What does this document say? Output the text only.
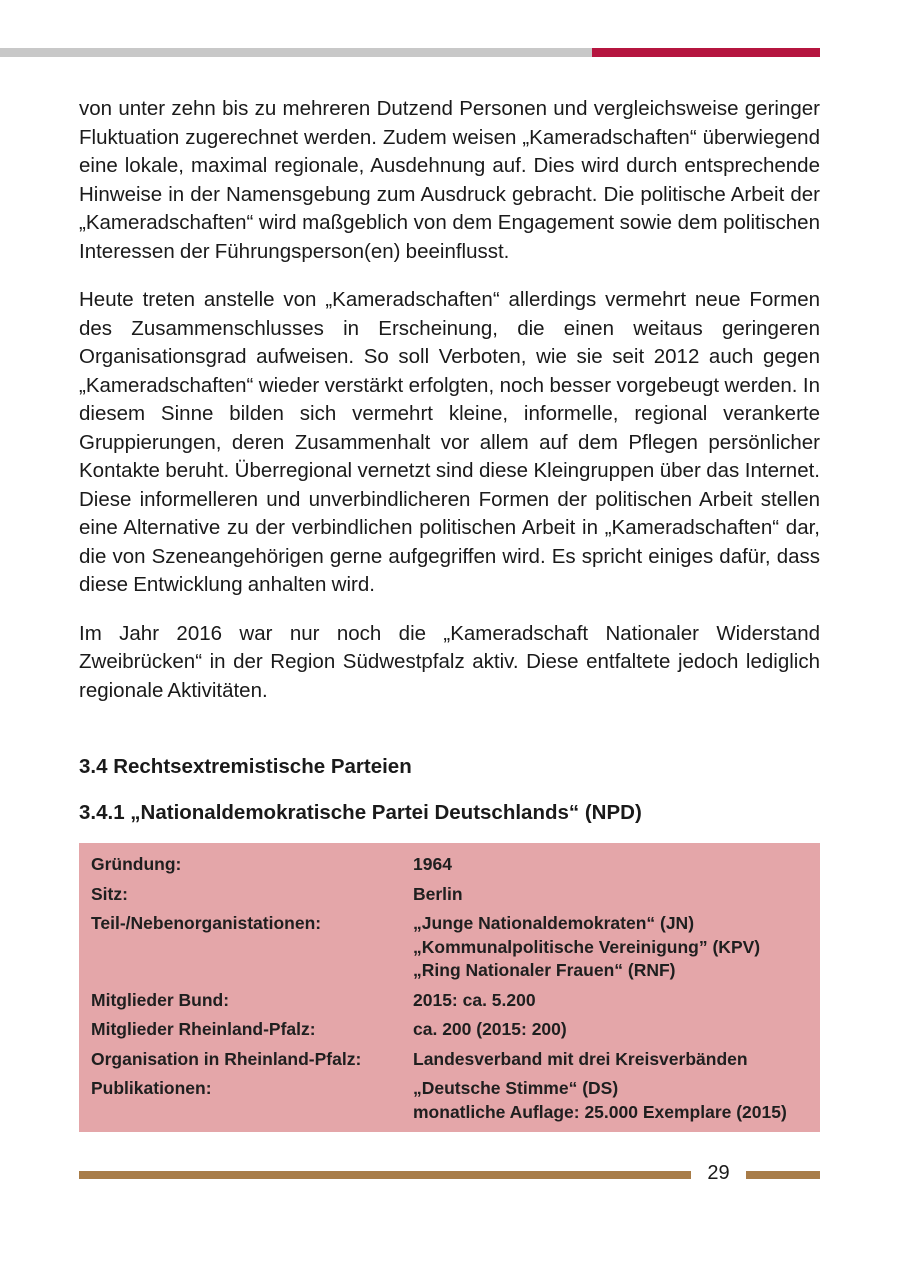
von unter zehn bis zu mehreren Dutzend Personen und vergleichsweise geringer Fluktuation zugerechnet werden. Zudem weisen „Kameradschaften“ überwiegend eine lokale, maximal regionale, Ausdehnung auf. Dies wird durch entsprechende Hinweise in der Namensgebung zum Ausdruck gebracht. Die politische Arbeit der „Kameradschaften“ wird maßgeblich von dem Engagement sowie dem politischen Interessen der Führungsperson(en) beeinflusst.

Heute treten anstelle von „Kameradschaften“ allerdings vermehrt neue Formen des Zusammenschlusses in Erscheinung, die einen weitaus geringeren Organisationsgrad aufweisen. So soll Verboten, wie sie seit 2012 auch gegen „Kameradschaften“ wieder verstärkt erfolgten, noch besser vorgebeugt werden. In diesem Sinne bilden sich vermehrt kleine, informelle, regional verankerte Gruppierungen, deren Zusammenhalt vor allem auf dem Pflegen persönlicher Kontakte beruht. Überregional vernetzt sind diese Kleingruppen über das Internet. Diese informelleren und unverbindlicheren Formen der politischen Arbeit stellen eine Alternative zu der verbindlichen politischen Arbeit in „Kameradschaften“ dar, die von Szeneangehörigen gerne aufgegriffen wird. Es spricht einiges dafür, dass diese Entwicklung anhalten wird.

Im Jahr 2016 war nur noch die „Kameradschaft Nationaler Widerstand Zweibrücken“ in der Region Südwestpfalz aktiv. Diese entfaltete jedoch lediglich regionale Aktivitäten.

3.4 Rechtsextremistische Parteien
3.4.1 „Nationaldemokratische Partei Deutschlands“ (NPD)
Gründung:	1964
Sitz:	Berlin
Teil-/Nebenorganistationen:	„Junge Nationaldemokraten“ (JN)
„Kommunalpolitische Vereinigung” (KPV)
„Ring Nationaler Frauen“ (RNF)
Mitglieder Bund:	2015: ca. 5.200
Mitglieder Rheinland-Pfalz:	ca. 200 (2015: 200)
Organisation in Rheinland-Pfalz:	Landesverband mit drei Kreisverbänden
Publikationen:	„Deutsche Stimme“ (DS)
monatliche Auflage: 25.000 Exemplare (2015)
29
